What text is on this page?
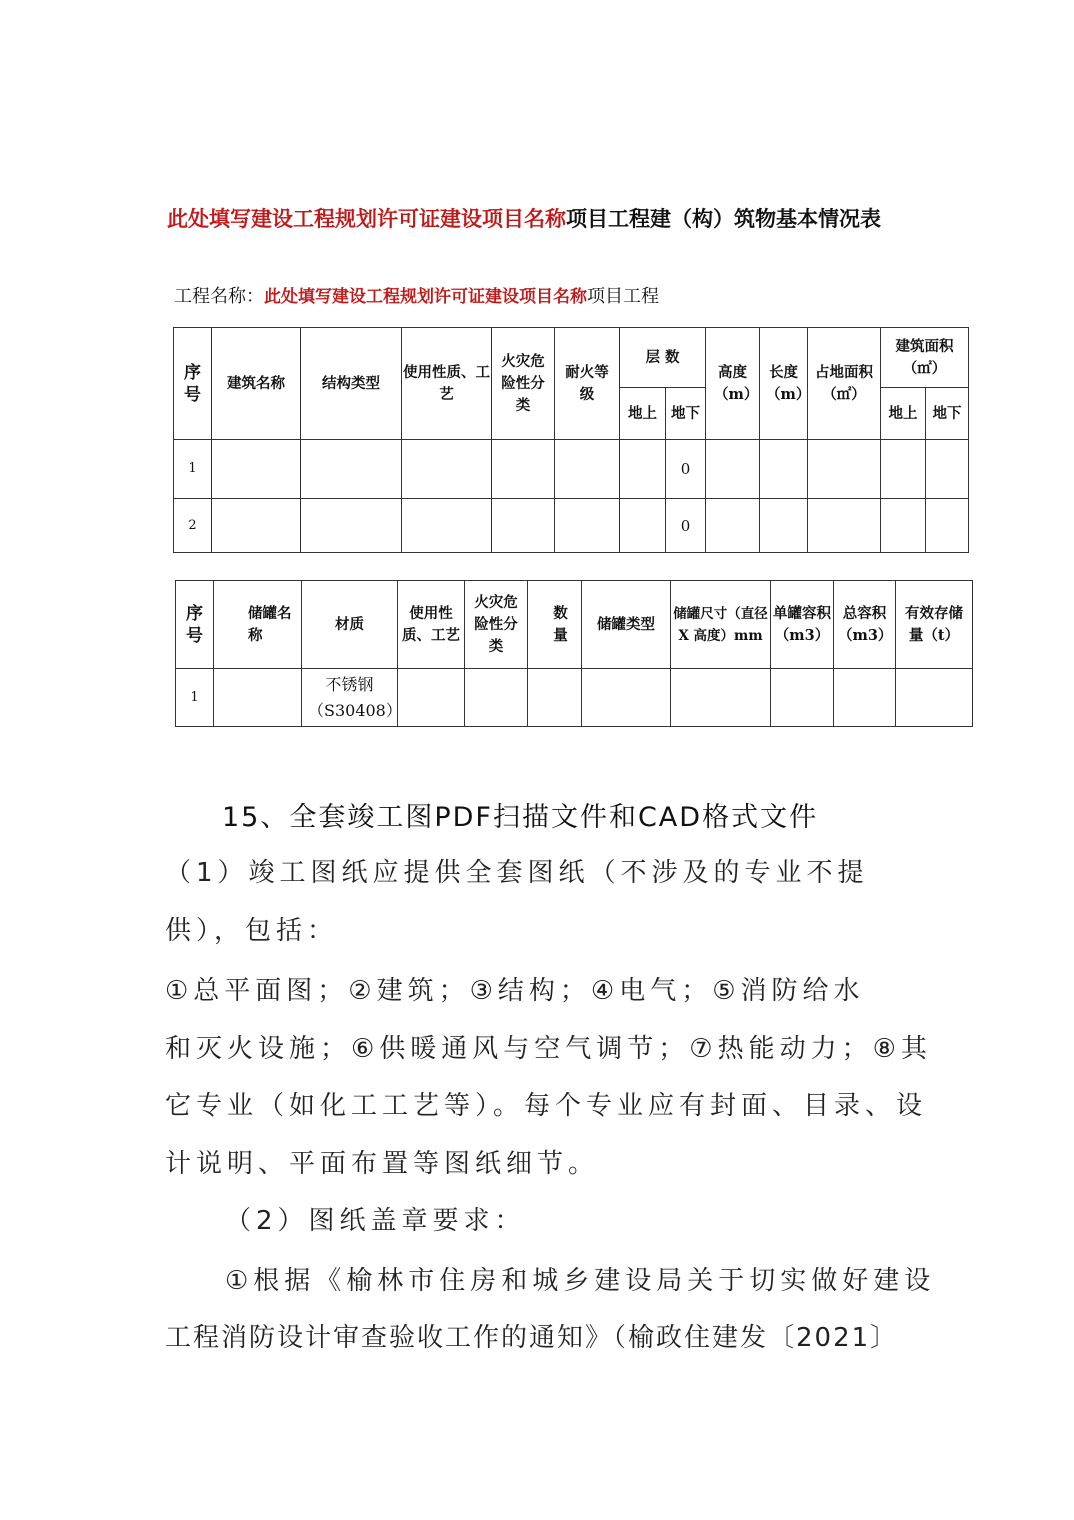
此处填写建设工程规划许可证建设项目名称项目工程建（构）筑物基本情况表
工程名称：此处填写建设工程规划许可证建设项目名称项目工程
序号	建筑名称	结构类型	使用性质、工艺	火灾危险性分类	耐火等级	层 数		高度（m）	长度（m）	占地面积（㎡）	建筑面积（㎡）	
						地上	地下				地上	地下
1							0					
2							0					
序号	储罐名称	材质	使用性质、工艺	火灾危险性分类	数量	储罐类型	储罐尺寸（直径 X 高度）mm	单罐容积（m3）	总容积（m3）	有效存储量（t）
1		不锈钢（S30408）								
15、全套竣工图PDF扫描文件和CAD格式文件
（1）竣工图纸应提供全套图纸（不涉及的专业不提
供），包括：
①总平面图；②建筑；③结构；④电气；⑤消防给水
和灭火设施；⑥供暖通风与空气调节；⑦热能动力；⑧其
它专业（如化工工艺等）。每个专业应有封面、目录、设
计说明、平面布置等图纸细节。
（2）图纸盖章要求：
①根据《榆林市住房和城乡建设局关于切实做好建设
工程消防设计审查验收工作的通知》（榆政住建发〔2021〕
